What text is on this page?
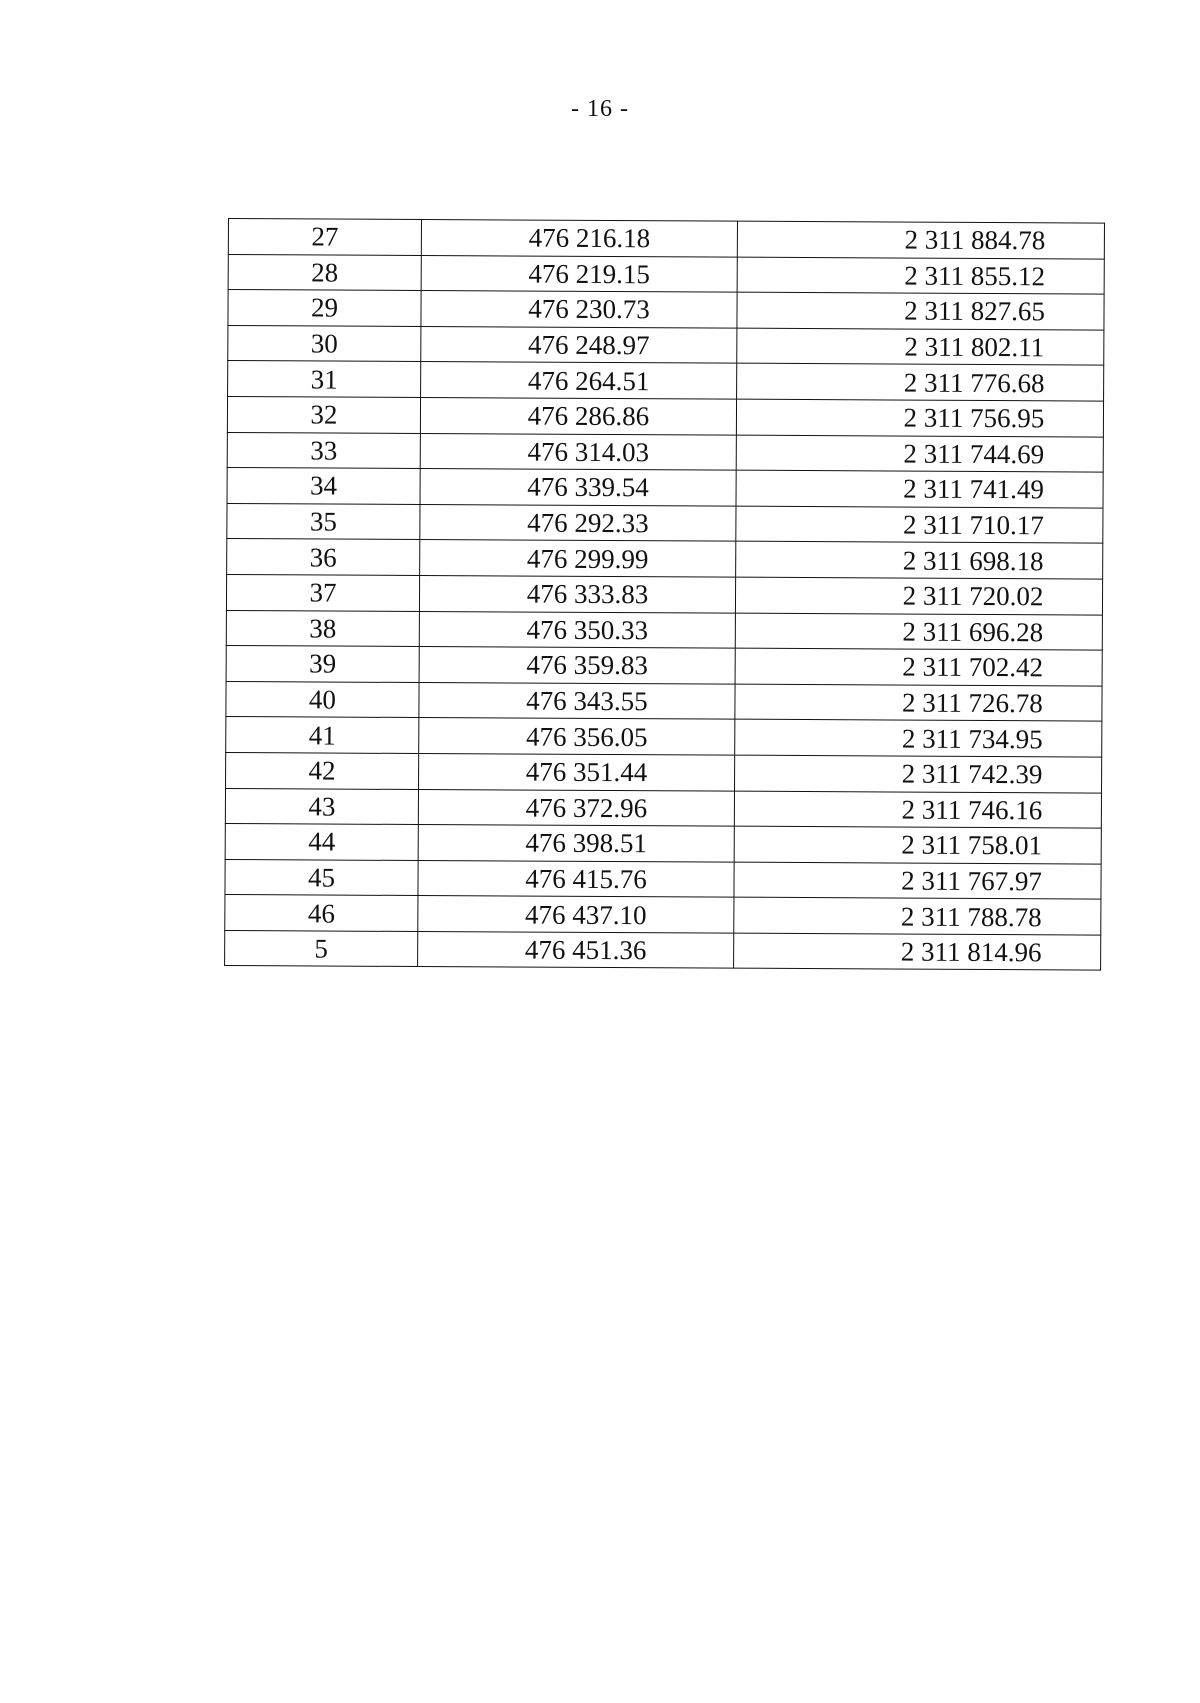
- 16 -
27	476 216.18	2 311 884.78
28	476 219.15	2 311 855.12
29	476 230.73	2 311 827.65
30	476 248.97	2 311 802.11
31	476 264.51	2 311 776.68
32	476 286.86	2 311 756.95
33	476 314.03	2 311 744.69
34	476 339.54	2 311 741.49
35	476 292.33	2 311 710.17
36	476 299.99	2 311 698.18
37	476 333.83	2 311 720.02
38	476 350.33	2 311 696.28
39	476 359.83	2 311 702.42
40	476 343.55	2 311 726.78
41	476 356.05	2 311 734.95
42	476 351.44	2 311 742.39
43	476 372.96	2 311 746.16
44	476 398.51	2 311 758.01
45	476 415.76	2 311 767.97
46	476 437.10	2 311 788.78
5	476 451.36	2 311 814.96
